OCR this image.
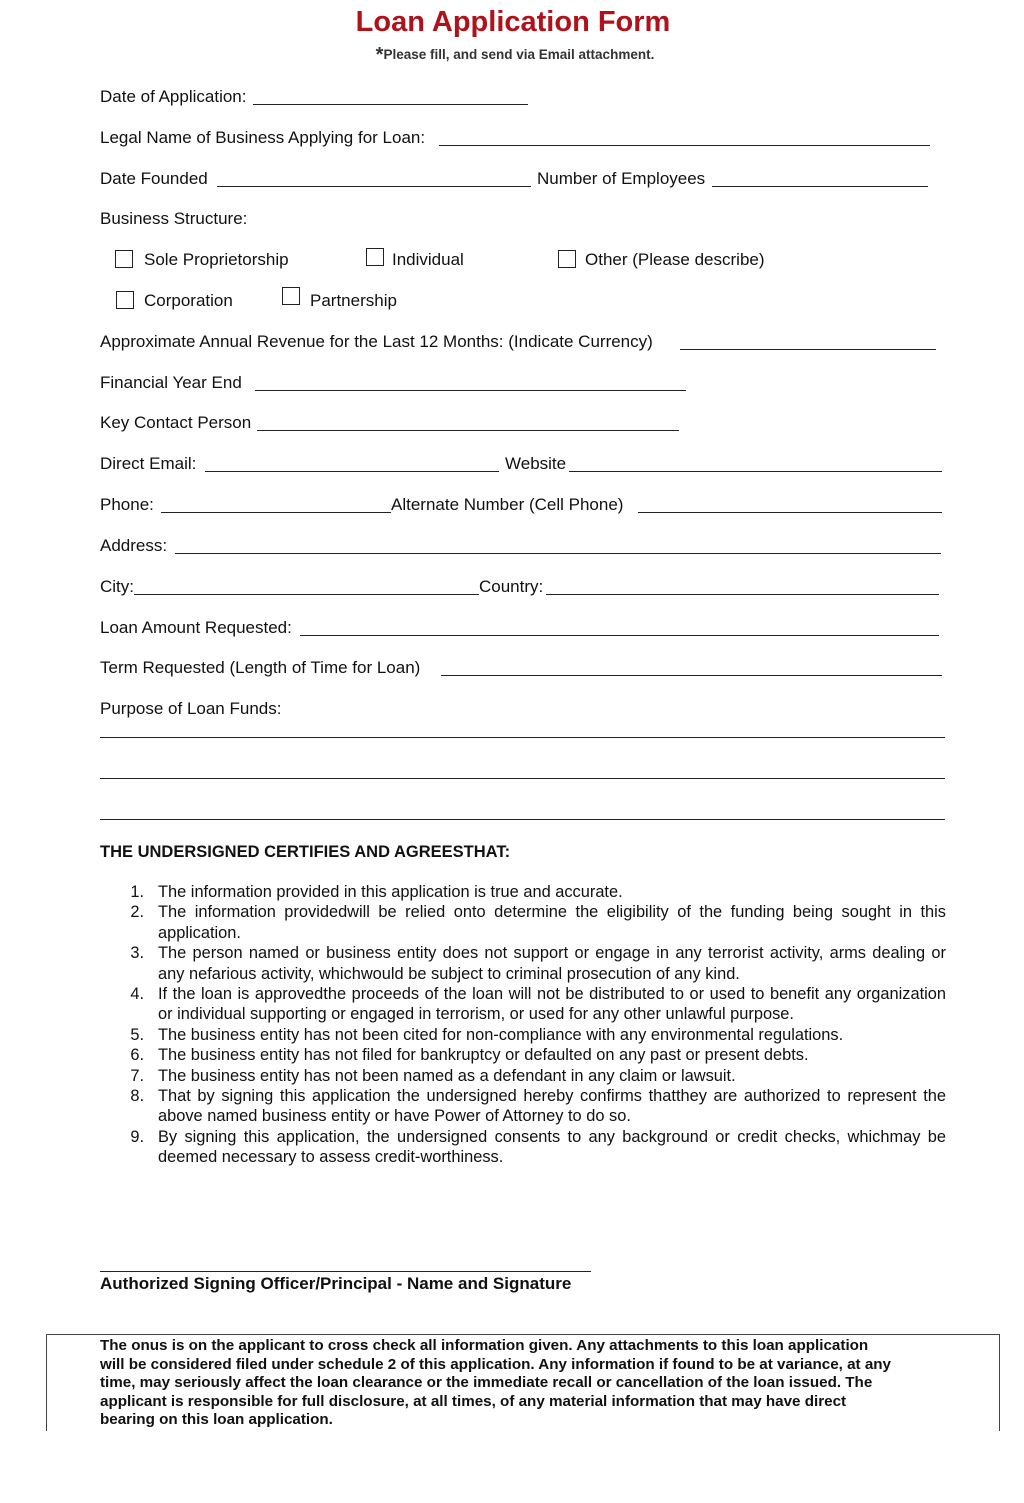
Loan Application Form
*Please fill, and send via Email attachment.
Date of Application:
Legal Name of Business Applying for Loan:
Date Founded	Number of Employees
Business Structure:
Sole Proprietorship	Individual	Other (Please describe)
Corporation	Partnership
Approximate Annual Revenue for the Last 12 Months: (Indicate Currency)
Financial Year End
Key Contact Person
Direct Email:	Website
Phone:	Alternate Number (Cell Phone)
Address:
City:	Country:
Loan Amount Requested:
Term Requested (Length of Time for Loan)
Purpose of Loan Funds:
THE UNDERSIGNED CERTIFIES AND AGREESTHAT:
1. The information provided in this application is true and accurate.
2. The information providedwill be relied onto determine the eligibility of the funding being sought in this application.
3. The person named or business entity does not support or engage in any terrorist activity, arms dealing or any nefarious activity, whichwould be subject to criminal prosecution of any kind.
4. If the loan is approvedthe proceeds of the loan will not be distributed to or used to benefit any organization or individual supporting or engaged in terrorism, or used for any other unlawful purpose.
5. The business entity has not been cited for non-compliance with any environmental regulations.
6. The business entity has not filed for bankruptcy or defaulted on any past or present debts.
7. The business entity has not been named as a defendant in any claim or lawsuit.
8. That by signing this application the undersigned hereby confirms thatthey are authorized to represent the above named business entity or have Power of Attorney to do so.
9. By signing this application, the undersigned consents to any background or credit checks, whichmay be deemed necessary to assess credit-worthiness.
Authorized Signing Officer/Principal - Name and Signature
The onus is on the applicant to cross check all information given. Any attachments to this loan application
will be considered filed under schedule 2 of this application. Any information if found to be at variance, at any
time, may seriously affect the loan clearance or the immediate recall or cancellation of the loan issued. The
applicant is responsible for full disclosure, at all times, of any material information that may have direct
bearing on this loan application.
